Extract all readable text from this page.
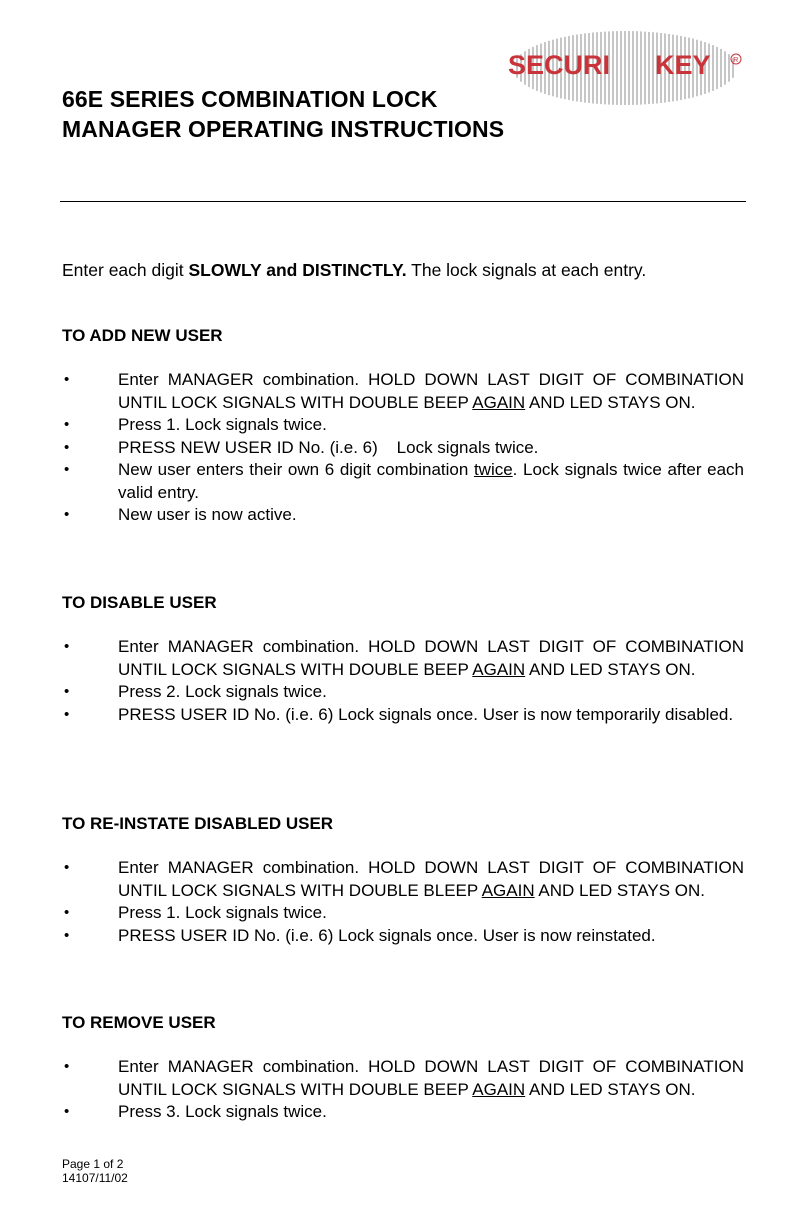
SECURI KEY	R
66E SERIES COMBINATION LOCK
MANAGER OPERATING INSTRUCTIONS

Enter each digit SLOWLY and DISTINCTLY. The lock signals at each entry.

TO ADD NEW USER
•	Enter MANAGER combination. HOLD DOWN LAST DIGIT OF COMBINATION UNTIL LOCK SIGNALS WITH DOUBLE BEEP AGAIN AND LED STAYS ON.
•	Press 1. Lock signals twice.
•	PRESS NEW USER ID No. (i.e. 6)    Lock signals twice.
•	New user enters their own 6 digit combination twice. Lock signals twice after each valid entry.
•	New user is now active.
TO DISABLE USER
•	Enter MANAGER combination. HOLD DOWN LAST DIGIT OF COMBINATION UNTIL LOCK SIGNALS WITH DOUBLE BEEP AGAIN AND LED STAYS ON.
•	Press 2. Lock signals twice.
•	PRESS USER ID No. (i.e. 6) Lock signals once. User is now temporarily disabled.
TO RE-INSTATE DISABLED USER
•	Enter MANAGER combination. HOLD DOWN LAST DIGIT OF COMBINATION UNTIL LOCK SIGNALS WITH DOUBLE BLEEP AGAIN AND LED STAYS ON.
•	Press 1. Lock signals twice.
•	PRESS USER ID No. (i.e. 6) Lock signals once. User is now reinstated.
TO REMOVE USER
•	Enter MANAGER combination. HOLD DOWN LAST DIGIT OF COMBINATION UNTIL LOCK SIGNALS WITH DOUBLE BEEP AGAIN AND LED STAYS ON.
•	Press 3. Lock signals twice.
Page 1 of 2
14107/11/02
